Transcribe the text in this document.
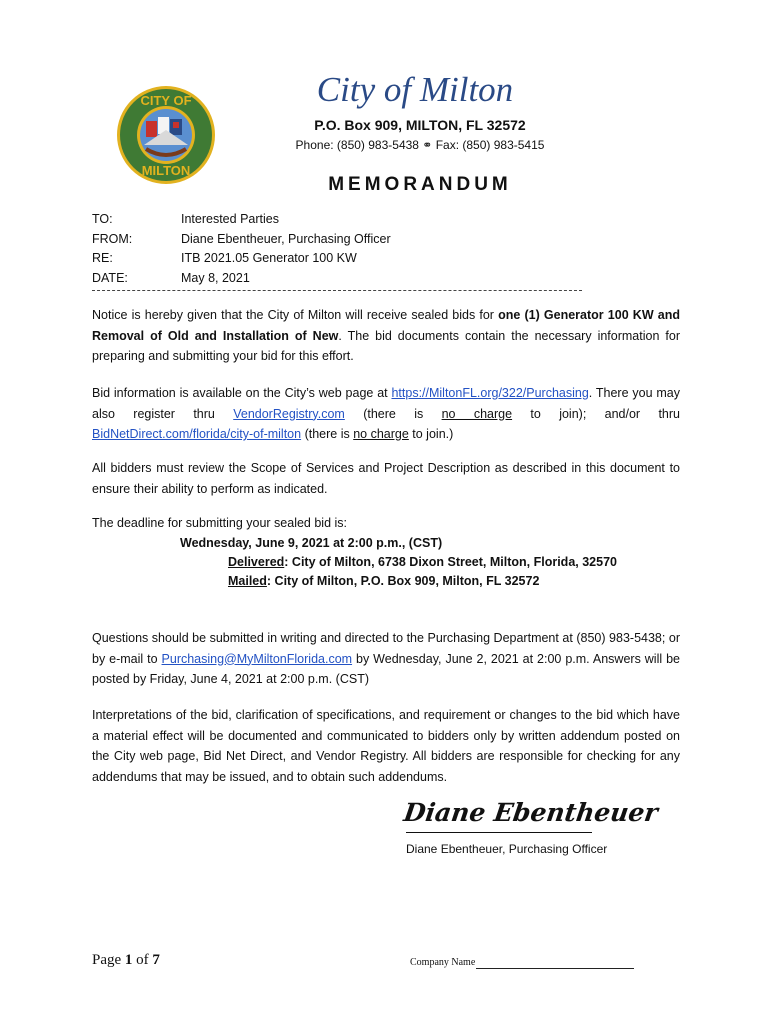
CITY OF
MILTON
City of Milton
P.O. Box 909, MILTON, FL 32572
Phone: (850) 983-5438 ⚭ Fax: (850) 983-5415
MEMORANDUM
TO:	Interested Parties
FROM:	Diane Ebentheuer, Purchasing Officer
RE:	ITB 2021.05 Generator 100 KW
DATE:	May 8, 2021
Notice is hereby given that the City of Milton will receive sealed bids for one (1) Generator 100 KW and Removal of Old and Installation of New. The bid documents contain the necessary information for preparing and submitting your bid for this effort.
Bid information is available on the City’s web page at https://MiltonFL.org/322/Purchasing. There you may also register thru VendorRegistry.com (there is no charge to join); and/or thru BidNetDirect.com/florida/city-of-milton (there is no charge to join.)
All bidders must review the Scope of Services and Project Description as described in this document to ensure their ability to perform as indicated.
The deadline for submitting your sealed bid is:
Wednesday, June 9, 2021 at 2:00 p.m., (CST)
Delivered: City of Milton, 6738 Dixon Street, Milton, Florida, 32570
Mailed: City of Milton, P.O. Box 909, Milton, FL 32572
Questions should be submitted in writing and directed to the Purchasing Department at (850) 983-5438; or by e-mail to Purchasing@MyMiltonFlorida.com by Wednesday, June 2, 2021 at 2:00 p.m. Answers will be posted by Friday, June 4, 2021 at 2:00 p.m. (CST)
Interpretations of the bid, clarification of specifications, and requirement or changes to the bid which have a material effect will be documented and communicated to bidders only by written addendum posted on the City web page, Bid Net Direct, and Vendor Registry. All bidders are responsible for checking for any addendums that may be issued, and to obtain such addendums.
Diane Ebentheuer
Diane Ebentheuer, Purchasing Officer
Page 1 of 7	Company Name
